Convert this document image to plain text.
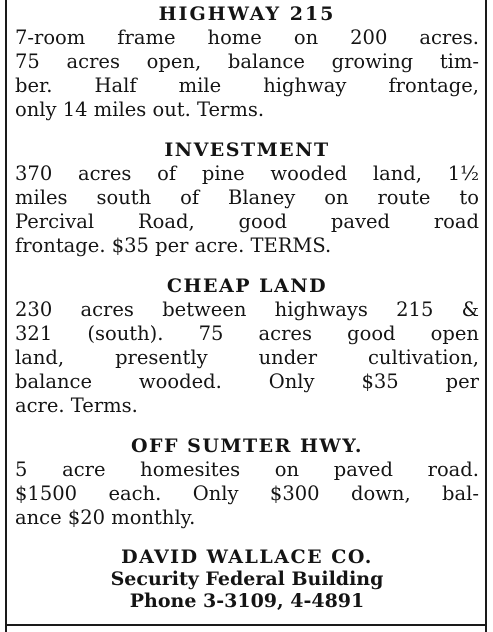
HIGHWAY 215
7-room frame home on 200 acres.
75 acres open, balance growing tim-
ber. Half mile highway frontage,
only 14 miles out. Terms.
INVESTMENT
370 acres of pine wooded land, 1½
miles south of Blaney on route to
Percival Road, good paved road
frontage. $35 per acre. TERMS.
CHEAP LAND
230 acres between highways 215 &
321 (south). 75 acres good open
land, presently under cultivation,
balance wooded. Only $35 per
acre. Terms.
OFF SUMTER HWY.
5 acre homesites on paved road.
$1500 each. Only $300 down, bal-
ance $20 monthly.
DAVID WALLACE CO.
Security Federal Building
Phone 3-3109, 4-4891
